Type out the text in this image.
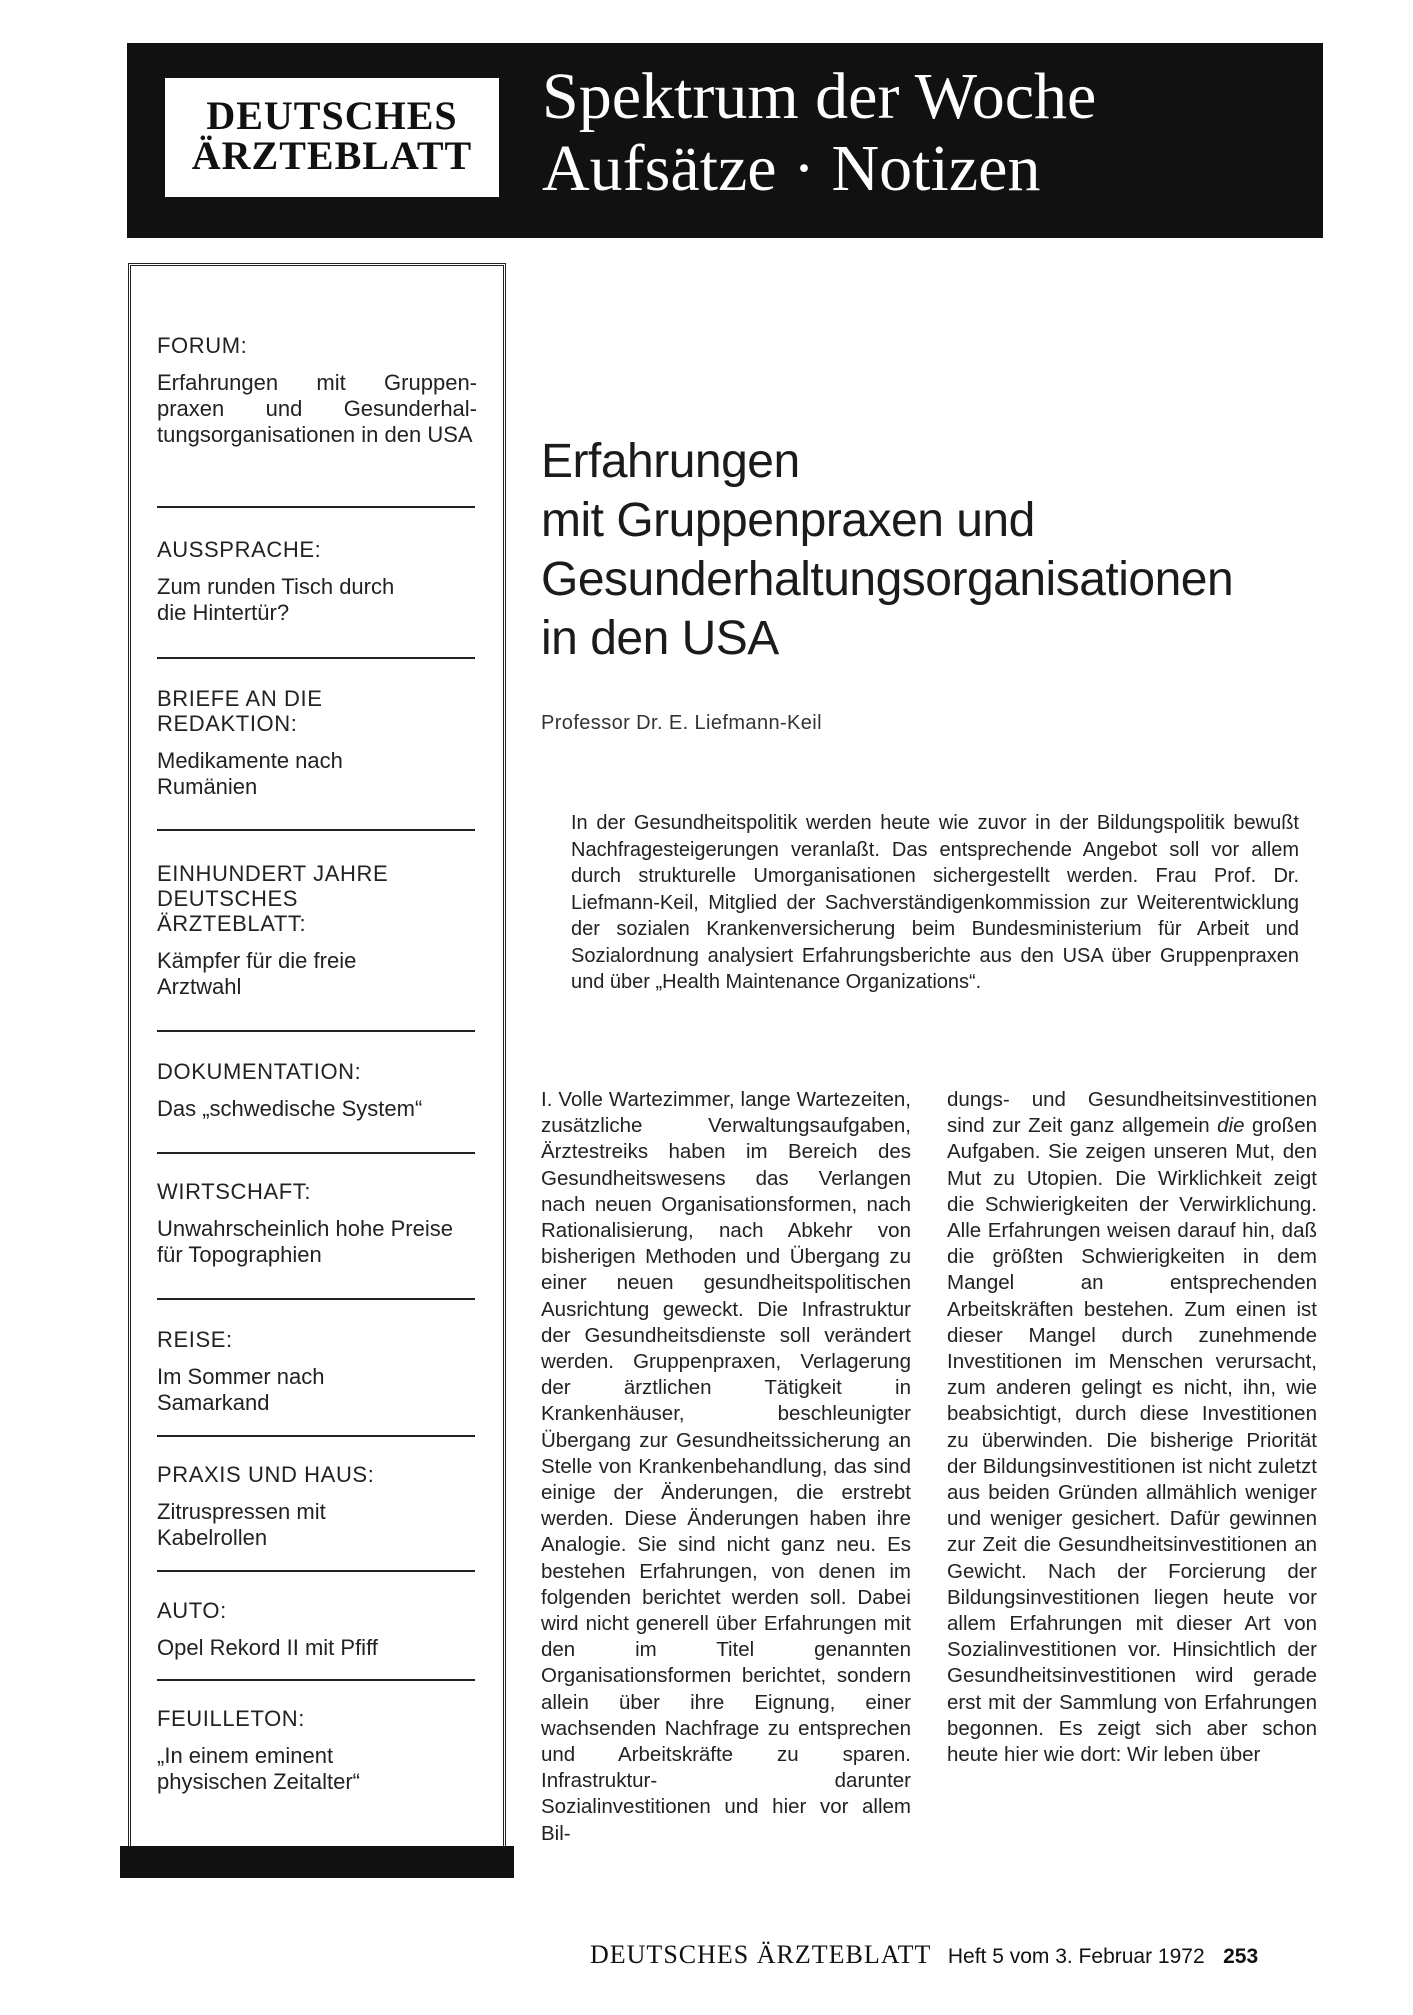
DEUTSCHES
ÄRZTEBLATT
Spektrum der Woche
Aufsätze · Notizen
FORUM:
Erfahrungen mit Gruppen-praxen und Gesunderhal-tungsorganisationen in den USA
AUSSPRACHE:
Zum runden Tisch durch die Hintertür?
BRIEFE AN DIE REDAKTION:
Medikamente nach Rumänien
EINHUNDERT JAHRE DEUTSCHES ÄRZTEBLATT:
Kämpfer für die freie Arztwahl
DOKUMENTATION:
Das „schwedische System“
WIRTSCHAFT:
Unwahrscheinlich hohe Preise für Topographien
REISE:
Im Sommer nach Samarkand
PRAXIS UND HAUS:
Zitruspressen mit Kabelrollen
AUTO:
Opel Rekord II mit Pfiff
FEUILLETON:
„In einem eminent physischen Zeitalter“
Erfahrungen
mit Gruppenpraxen und
Gesunderhaltungsorganisationen
in den USA
Professor Dr. E. Liefmann-Keil
In der Gesundheitspolitik werden heute wie zuvor in der Bildungspolitik bewußt Nachfragesteigerungen veranlaßt. Das entsprechende Angebot soll vor allem durch strukturelle Umorganisationen sichergestellt werden. Frau Prof. Dr. Liefmann-Keil, Mitglied der Sachverständigenkommission zur Weiterentwicklung der sozialen Krankenversicherung beim Bundesministerium für Arbeit und Sozialordnung analysiert Erfahrungsberichte aus den USA über Gruppenpraxen und über „Health Maintenance Organizations“.
I. Volle Wartezimmer, lange Wartezeiten, zusätzliche Verwaltungsaufgaben, Ärztestreiks haben im Bereich des Gesundheitswesens das Verlangen nach neuen Organisationsformen, nach Rationalisierung, nach Abkehr von bisherigen Methoden und Übergang zu einer neuen gesundheitspolitischen Ausrichtung geweckt. Die Infrastruktur der Gesundheitsdienste soll verändert werden. Gruppenpraxen, Verlagerung der ärztlichen Tätigkeit in Krankenhäuser, beschleunigter Übergang zur Gesundheitssicherung an Stelle von Krankenbehandlung, das sind einige der Änderungen, die erstrebt werden. Diese Änderungen haben ihre Analogie. Sie sind nicht ganz neu. Es bestehen Erfahrungen, von denen im folgenden berichtet werden soll. Dabei wird nicht generell über Erfahrungen mit den im Titel genannten Organisationsformen berichtet, sondern allein über ihre Eignung, einer wachsenden Nachfrage zu entsprechen und Arbeitskräfte zu sparen. Infrastruktur- darunter Sozialinvestitionen und hier vor allem Bil-
dungs- und Gesundheitsinvestitionen sind zur Zeit ganz allgemein die großen Aufgaben. Sie zeigen unseren Mut, den Mut zu Utopien. Die Wirklichkeit zeigt die Schwierigkeiten der Verwirklichung. Alle Erfahrungen weisen darauf hin, daß die größten Schwierigkeiten in dem Mangel an entsprechenden Arbeitskräften bestehen. Zum einen ist dieser Mangel durch zunehmende Investitionen im Menschen verursacht, zum anderen gelingt es nicht, ihn, wie beabsichtigt, durch diese Investitionen zu überwinden. Die bisherige Priorität der Bildungsinvestitionen ist nicht zuletzt aus beiden Gründen allmählich weniger und weniger gesichert. Dafür gewinnen zur Zeit die Gesundheitsinvestitionen an Gewicht. Nach der Forcierung der Bildungsinvestitionen liegen heute vor allem Erfahrungen mit dieser Art von Sozialinvestitionen vor. Hinsichtlich der Gesundheitsinvestitionen wird gerade erst mit der Sammlung von Erfahrungen begonnen. Es zeigt sich aber schon heute hier wie dort: Wir leben über
DEUTSCHES ÄRZTEBLATT Heft 5 vom 3. Februar 1972 253
